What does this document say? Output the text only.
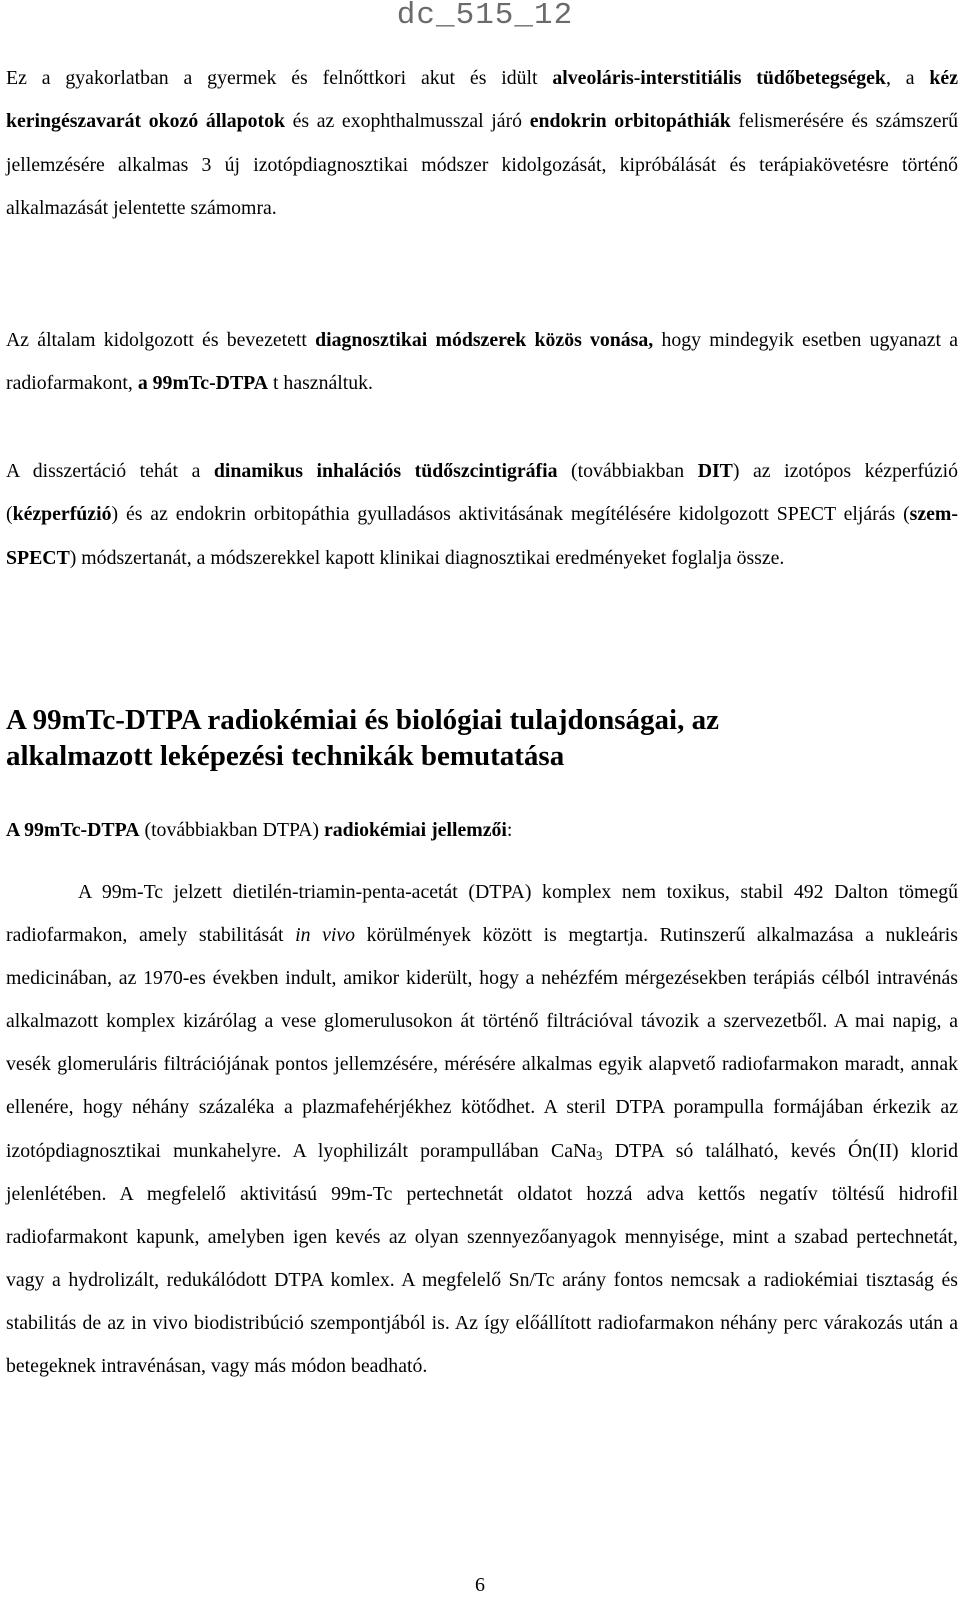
dc_515_12

Ez a gyakorlatban a gyermek és felnőttkori akut és idült alveoláris-interstitiális tüdőbetegségek, a kéz keringészavarát okozó állapotok és az exophthalmusszal járó endokrin orbitopáthiák felismerésére és számszerű jellemzésére alkalmas 3 új izotópdiagnosztikai módszer kidolgozását, kipróbálását és terápiakövetésre történő alkalmazását jelentette számomra.

Az általam kidolgozott és bevezetett diagnosztikai módszerek közös vonása, hogy mindegyik esetben ugyanazt a radiofarmakont, a 99mTc-DTPA t használtuk.

A disszertáció tehát a dinamikus inhalációs tüdőszcintigráfia (továbbiakban DIT) az izotópos kézperfúzió (kézperfúzió) és az endokrin orbitopáthia gyulladásos aktivitásának megítélésére kidolgozott SPECT eljárás (szem-SPECT) módszertanát, a módszerekkel kapott klinikai diagnosztikai eredményeket foglalja össze.

A 99mTc-DTPA radiokémiai és biológiai tulajdonságai, az
alkalmazott leképezési technikák bemutatása

A 99mTc-DTPA (továbbiakban DTPA) radiokémiai jellemzői:

A 99m-Tc jelzett dietilén-triamin-penta-acetát (DTPA) komplex nem toxikus, stabil 492 Dalton tömegű radiofarmakon, amely stabilitását in vivo körülmények között is megtartja. Rutinszerű alkalmazása a nukleáris medicinában, az 1970-es években indult, amikor kiderült, hogy a nehézfém mérgezésekben terápiás célból intravénás alkalmazott komplex kizárólag a vese glomerulusokon át történő filtrációval távozik a szervezetből. A mai napig, a vesék glomeruláris filtrációjának pontos jellemzésére, mérésére alkalmas egyik alapvető radiofarmakon maradt, annak ellenére, hogy néhány százaléka a plazmafehérjékhez kötődhet. A steril DTPA porampulla formájában érkezik az izotópdiagnosztikai munkahelyre. A lyophilizált porampullában CaNa$_3$ DTPA só található, kevés Ón(II) klorid jelenlétében. A megfelelő aktivitású 99m-Tc pertechnetát oldatot hozzá adva kettős negatív töltésű hidrofil radiofarmakont kapunk, amelyben igen kevés az olyan szennyezőanyagok mennyisége, mint a szabad pertechnetát, vagy a hydrolizált, redukálódott DTPA komlex. A megfelelő Sn/Tc arány fontos nemcsak a radiokémiai tisztaság és stabilitás de az in vivo biodistribúció szempontjából is. Az így előállított radiofarmakon néhány perc várakozás után a betegeknek intravénásan, vagy más módon beadható.

6
